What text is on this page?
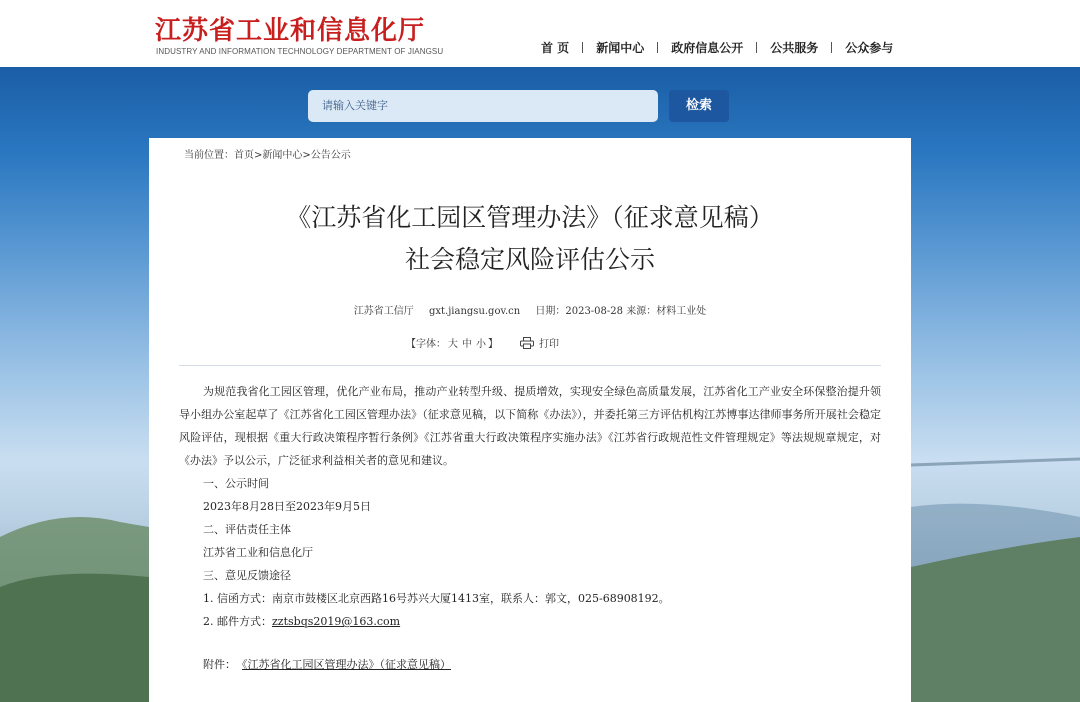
江苏省工业和信息化厅
INDUSTRY AND INFORMATION TECHNOLOGY DEPARTMENT OF JIANGSU	首 页	新闻中心	政府信息公开	公共服务	公众参与
请输入关键字	检索
当前位置：首页>新闻中心>公告公示
《江苏省化工园区管理办法》（征求意见稿）
社会稳定风险评估公示
江苏省工信厅 gxt.jiangsu.gov.cn 日期：2023-08-28 来源：材料工业处
【字体： 大 中 小 】	打印

为规范我省化工园区管理，优化产业布局，推动产业转型升级、提质增效，实现安全绿色高质量发展，江苏省化工产业安全环保整治提升领导小组办公室起草了《江苏省化工园区管理办法》（征求意见稿，以下简称《办法》），并委托第三方评估机构江苏博事达律师事务所开展社会稳定风险评估，现根据《重大行政决策程序暂行条例》《江苏省重大行政决策程序实施办法》《江苏省行政规范性文件管理规定》等法规规章规定，对《办法》予以公示，广泛征求利益相关者的意见和建议。

一、公示时间

2023年8月28日至2023年9月5日

二、评估责任主体

江苏省工业和信息化厅

三、意见反馈途径

1. 信函方式：南京市鼓楼区北京西路16号苏兴大厦1413室，联系人：郭文，025-68908192。

2. 邮件方式：zztsbqs2019@163.com

附件： 《江苏省化工园区管理办法》（征求意见稿）
